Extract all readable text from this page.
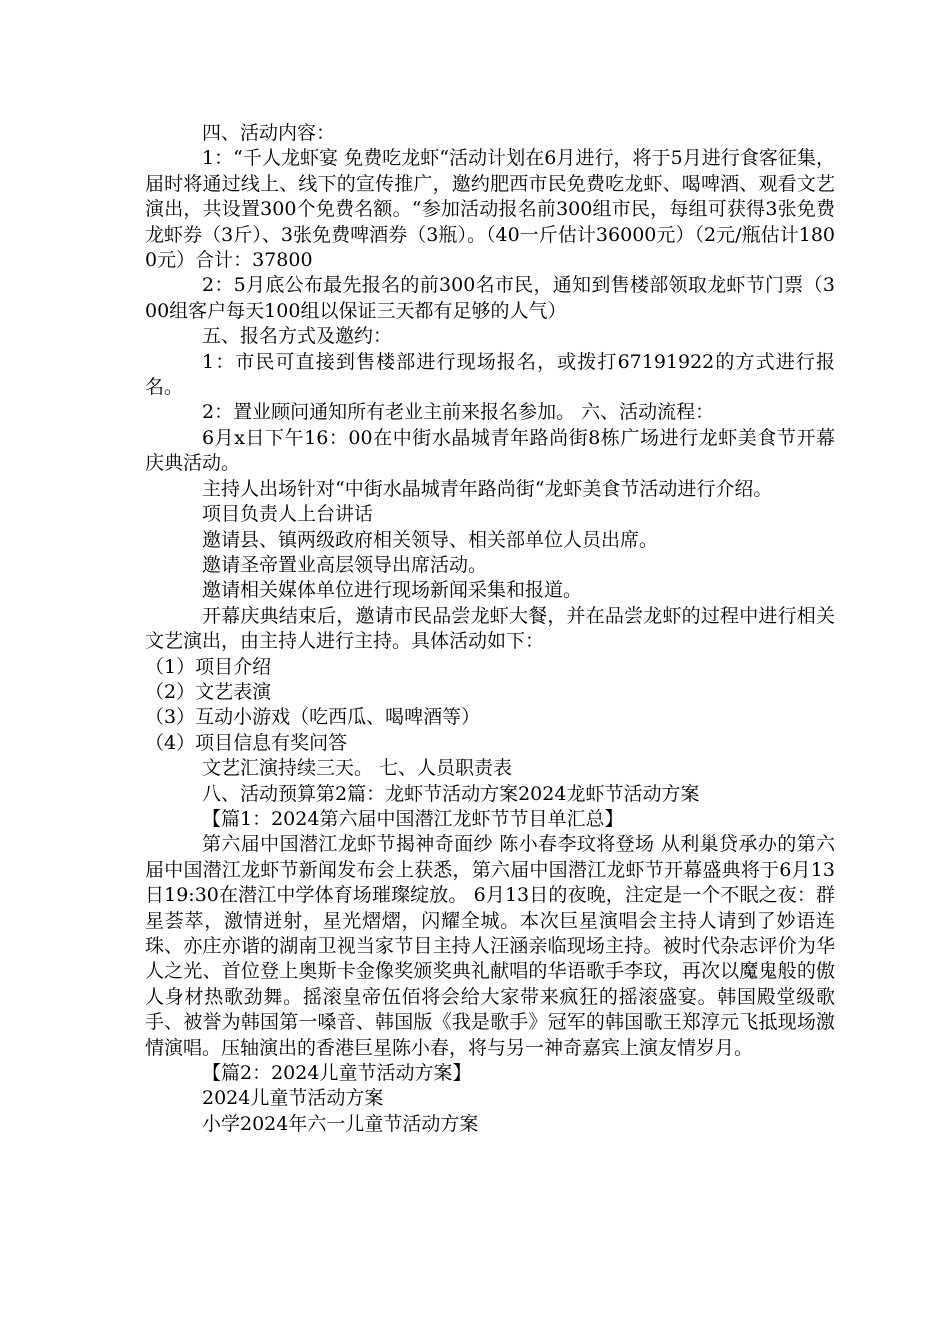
四、活动内容：

1：“千人龙虾宴 免费吃龙虾“活动计划在6月进行，将于5月进行食客征集，届时将通过线上、线下的宣传推广，邀约肥西市民免费吃龙虾、喝啤酒、观看文艺演出，共设置300个免费名额。“参加活动报名前300组市民，每组可获得3张免费龙虾券（3斤）、3张免费啤酒券（3瓶）。（40一斤估计36000元）（2元/瓶估计1800元）合计：37800

2：5月底公布最先报名的前300名市民，通知到售楼部领取龙虾节门票（300组客户每天100组以保证三天都有足够的人气）

五、报名方式及邀约：

1：市民可直接到售楼部进行现场报名，或拨打67191922的方式进行报名。

2：置业顾问通知所有老业主前来报名参加。 六、活动流程：

6月x日下午16：00在中街水晶城青年路尚街8栋广场进行龙虾美食节开幕庆典活动。

主持人出场针对“中街水晶城青年路尚街“龙虾美食节活动进行介绍。

项目负责人上台讲话

邀请县、镇两级政府相关领导、相关部单位人员出席。

邀请圣帝置业高层领导出席活动。

邀请相关媒体单位进行现场新闻采集和报道。

开幕庆典结束后，邀请市民品尝龙虾大餐，并在品尝龙虾的过程中进行相关文艺演出，由主持人进行主持。具体活动如下：

（1）项目介绍

（2）文艺表演

（3）互动小游戏（吃西瓜、喝啤酒等）

（4）项目信息有奖问答

文艺汇演持续三天。 七、人员职责表

八、活动预算第2篇：龙虾节活动方案2024龙虾节活动方案

【篇1：2024第六届中国潜江龙虾节节目单汇总】

第六届中国潜江龙虾节揭神奇面纱 陈小春李玟将登场 从利巢贷承办的第六届中国潜江龙虾节新闻发布会上获悉，第六届中国潜江龙虾节开幕盛典将于6月13日19:30在潜江中学体育场璀璨绽放。 6月13日的夜晚，注定是一个不眠之夜：群星荟萃，激情迸射，星光熠熠，闪耀全城。本次巨星演唱会主持人请到了妙语连珠、亦庄亦谐的湖南卫视当家节目主持人汪涵亲临现场主持。被时代杂志评价为华人之光、首位登上奥斯卡金像奖颁奖典礼献唱的华语歌手李玟，再次以魔鬼般的傲人身材热歌劲舞。摇滚皇帝伍佰将会给大家带来疯狂的摇滚盛宴。韩国殿堂级歌手、被誉为韩国第一嗓音、韩国版《我是歌手》冠军的韩国歌王郑淳元飞抵现场激情演唱。压轴演出的香港巨星陈小春，将与另一神奇嘉宾上演友情岁月。

【篇2：2024儿童节活动方案】

2024儿童节活动方案

小学2024年六一儿童节活动方案
